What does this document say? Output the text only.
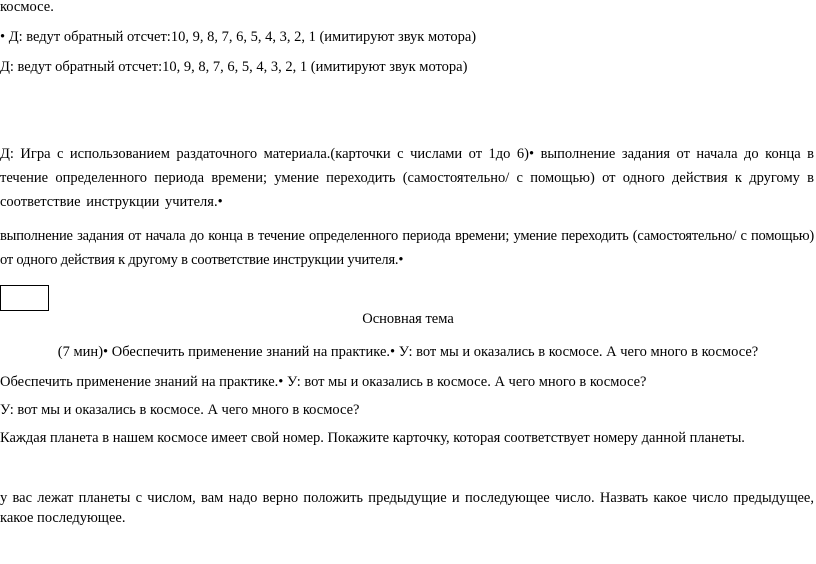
космосе.
• Д: ведут обратный отсчет:10, 9, 8, 7, 6, 5, 4, 3, 2, 1 (имитируют звук мотора)
Д: ведут обратный отсчет:10, 9, 8, 7, 6, 5, 4, 3, 2, 1 (имитируют звук мотора)
Д: Игра с использованием раздаточного материала.(карточки с числами от 1до 6)• выполнение задания от начала до конца в течение определенного периода времени; умение переходить (самостоятельно/ с помощью) от одного действия к другому в соответствие инструкции учителя.•
выполнение задания от начала до конца в течение определенного периода времени; умение переходить (самостоятельно/ с помощью) от одного действия к другому в соответствие инструкции учителя.•
Основная тема
(7 мин)• Обеспечить применение знаний на практике.• У: вот мы и оказались в космосе. А чего много в космосе?
Обеспечить применение знаний на практике.• У: вот мы и оказались в космосе. А чего много в космосе?
У: вот мы и оказались в космосе. А чего много в космосе?
Каждая планета в нашем космосе имеет свой номер. Покажите карточку, которая соответствует номеру данной планеты.
у вас лежат планеты с числом, вам надо верно положить предыдущие и последующее число. Назвать какое число предыдущее, какое последующее.
